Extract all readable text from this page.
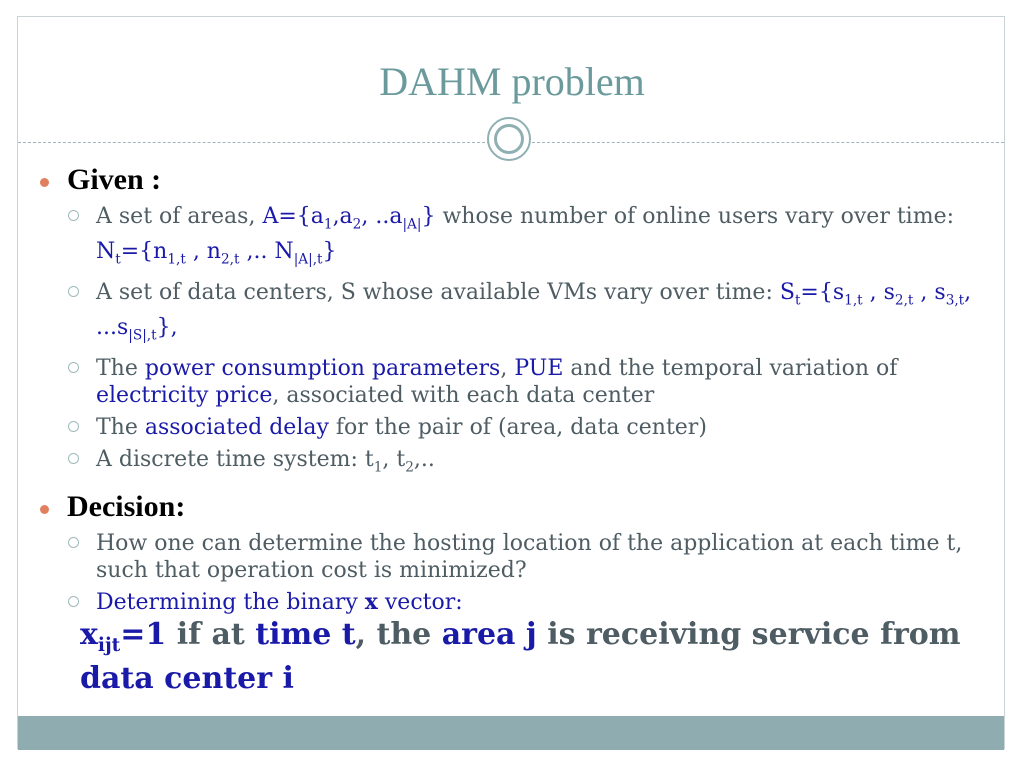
DAHM problem
Given :
A set of areas, $A=\{a_1,a_2$, $..a_{|A|}$} whose number of online users vary over time: $N_t=\{n_{1,t}$ , $n_{2,t}$ ,.. $N_{|A|,t}$}
A set of data centers, S whose available VMs vary over time: $S_t=\{s_{1,t}$ , $s_{2,t}$ , $s_{3,t}$, $...s_{|S|,t}$},
The power consumption parameters, PUE and the temporal variation of electricity price, associated with each data center
The associated delay for the pair of (area, data center)
A discrete time system: $t_1$, $t_2$,..
Decision:
How one can determine the hosting location of the application at each time t, such that operation cost is minimized?
Determining the binary x vector:
$x_{ijt}=1$ if at time t, the area j is receiving service from data center i
